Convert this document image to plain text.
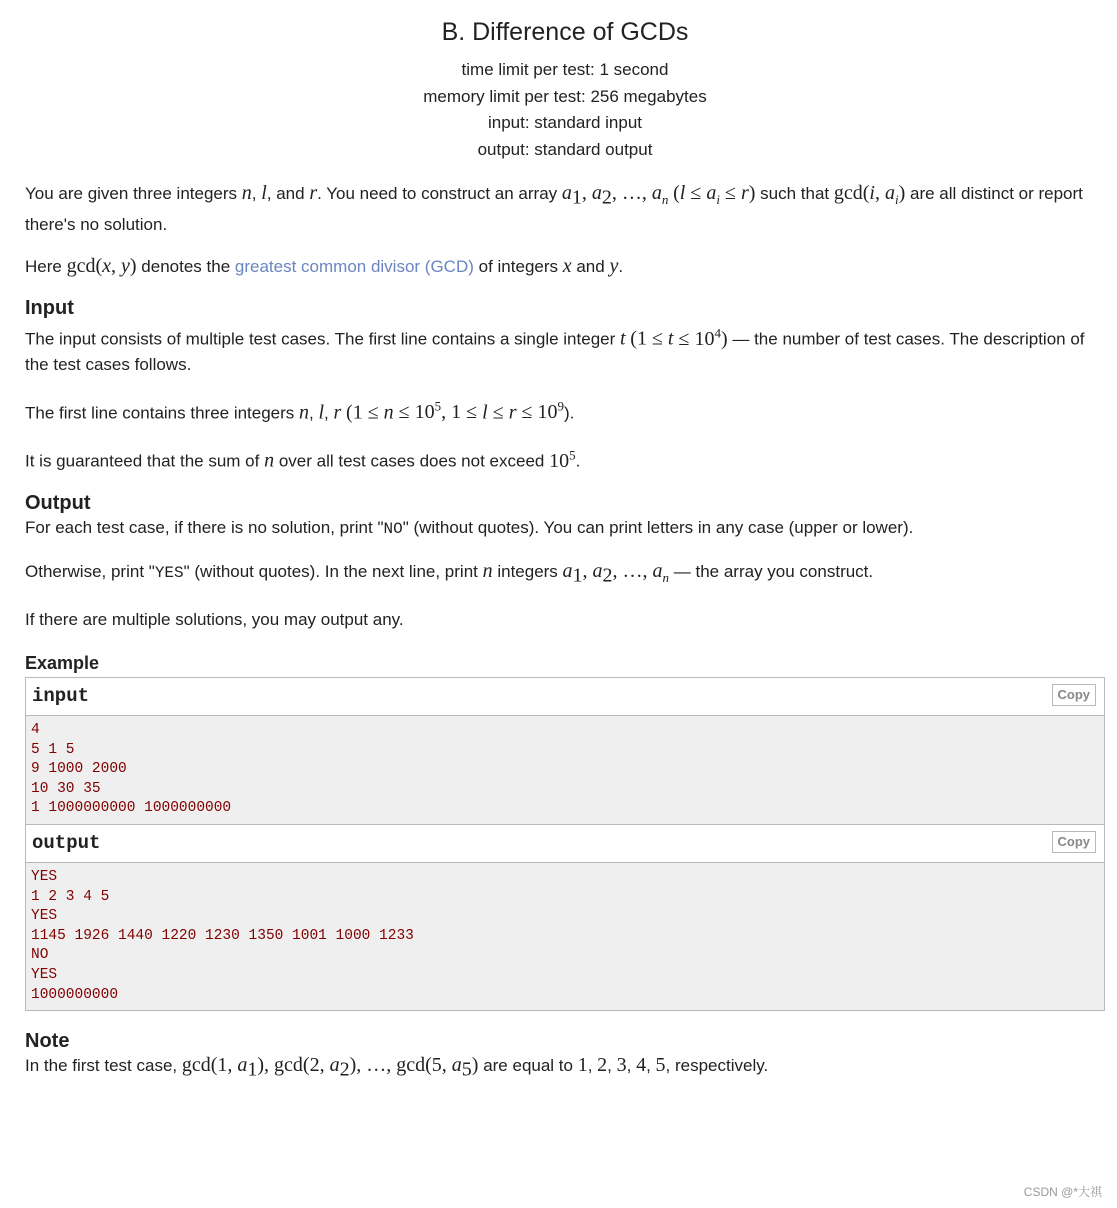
B. Difference of GCDs
time limit per test: 1 second
memory limit per test: 256 megabytes
input: standard input
output: standard output

You are given three integers n, l, and r. You need to construct an array $a_1$, $a_2$, …, $a_n$ $(l \le a_i \le r)$ such that gcd(i, $a_i$) are all distinct or report there's no solution.

Here gcd(x, y) denotes the greatest common divisor (GCD) of integers x and y.

Input

The input consists of multiple test cases. The first line contains a single integer t $(1 \le t \le 10^4)$ — the number of test cases. The description of the test cases follows.

The first line contains three integers n, l, r ($1 \le n \le 10^5$, $1 \le l \le r \le 10^9$).

It is guaranteed that the sum of n over all test cases does not exceed $10^5$.

Output

For each test case, if there is no solution, print "NO" (without quotes). You can print letters in any case (upper or lower).

Otherwise, print "YES" (without quotes). In the next line, print n integers $a_1$, $a_2$, …, $a_n$ — the array you construct.

If there are multiple solutions, you may output any.

Example
input	Copy
4
5 1 5
9 1000 2000
10 30 35
1 1000000000 1000000000
output	Copy
YES
1 2 3 4 5
YES
1145 1926 1440 1220 1230 1350 1001 1000 1233
NO
YES
1000000000
Note

In the first test case, gcd(1, $a_1$), gcd(2, $a_2$), …, gcd(5, $a_5$) are equal to 1, 2, 3, 4, 5, respectively.

CSDN @*大祺
